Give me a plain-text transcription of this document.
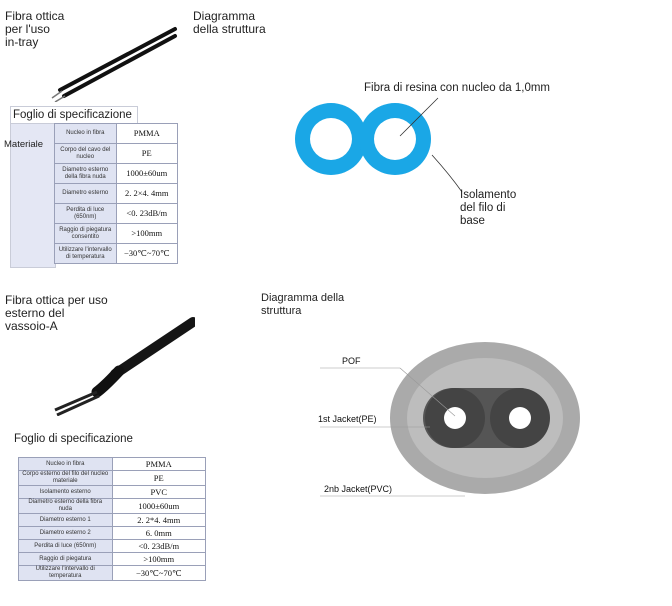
Fibra ottica
per l'uso
in-tray
Diagramma
della struttura
Foglio di specificazione
Materiale
Nucleo in fibra	PMMA
Corpo del cavo del nucleo	PE
Diametro esterno della fibra nuda	1000±60um
Diametro esterno	2. 2×4. 4mm
Perdita di luce (650nm)	<0. 23dB/m
Raggio di piegatura consentito	>100mm
Utilizzare l'intervallo di temperatura	−30℃~70℃
Fibra di resina con nucleo da 1,0mm
Isolamento
del filo di
base
Fibra ottica per uso
esterno del
vassoio-A
Diagramma della
struttura
Foglio di specificazione
Nucleo in fibra	PMMA
Corpo esterno del filo del nucleo materiale	PE
Isolamento esterno	PVC
Diametro esterno della fibra nuda	1000±60um
Diametro esterno 1	2. 2*4. 4mm
Diametro esterno 2	6. 0mm
Perdita di luce (650nm)	<0. 23dB/m
Raggio di piegatura	>100mm
Utilizzare l'intervallo di temperatura	−30℃~70℃
POF
1st Jacket(PE)
2nb Jacket(PVC)
